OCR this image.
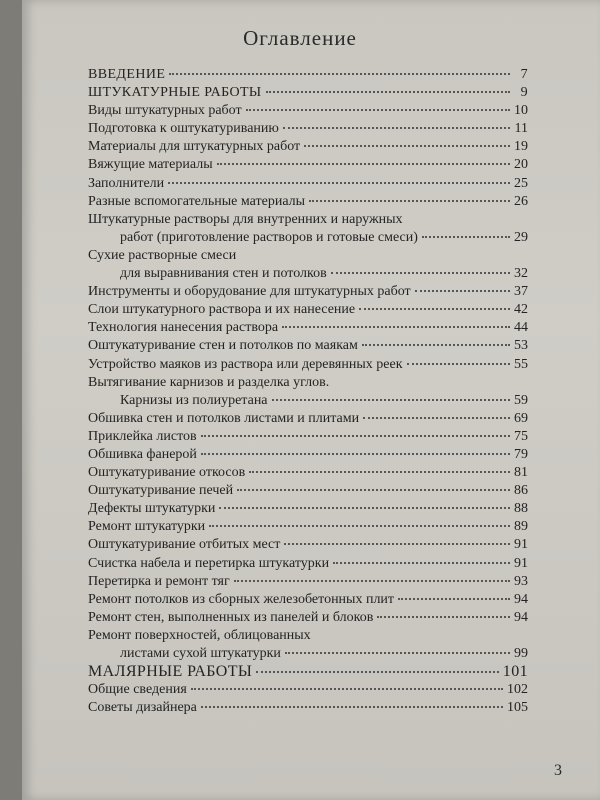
Оглавление
ВВЕДЕНИЕ	7
ШТУКАТУРНЫЕ РАБОТЫ	9
Виды штукатурных работ	10
Подготовка к оштукатуриванию	11
Материалы для штукатурных работ	19
Вяжущие материалы	20
Заполнители	25
Разные вспомогательные материалы	26
Штукатурные растворы для внутренних и наружных
работ (приготовление растворов и готовые смеси)	29
Сухие растворные смеси
для выравнивания стен и потолков	32
Инструменты и оборудование для штукатурных работ	37
Слои штукатурного раствора и их нанесение	42
Технология нанесения раствора	44
Оштукатуривание стен и потолков по маякам	53
Устройство маяков из раствора или деревянных реек	55
Вытягивание карнизов и разделка углов.
Карнизы из полиуретана	59
Обшивка стен и потолков листами и плитами	69
Приклейка листов	75
Обшивка фанерой	79
Оштукатуривание откосов	81
Оштукатуривание печей	86
Дефекты штукатурки	88
Ремонт штукатурки	89
Оштукатуривание отбитых мест	91
Счистка набела и перетирка штукатурки	91
Перетирка и ремонт тяг	93
Ремонт потолков из сборных железобетонных плит	94
Ремонт стен, выполненных из панелей и блоков	94
Ремонт поверхностей, облицованных
листами сухой штукатурки	99
МАЛЯРНЫЕ РАБОТЫ	101
Общие сведения	102
Советы дизайнера	105
3
